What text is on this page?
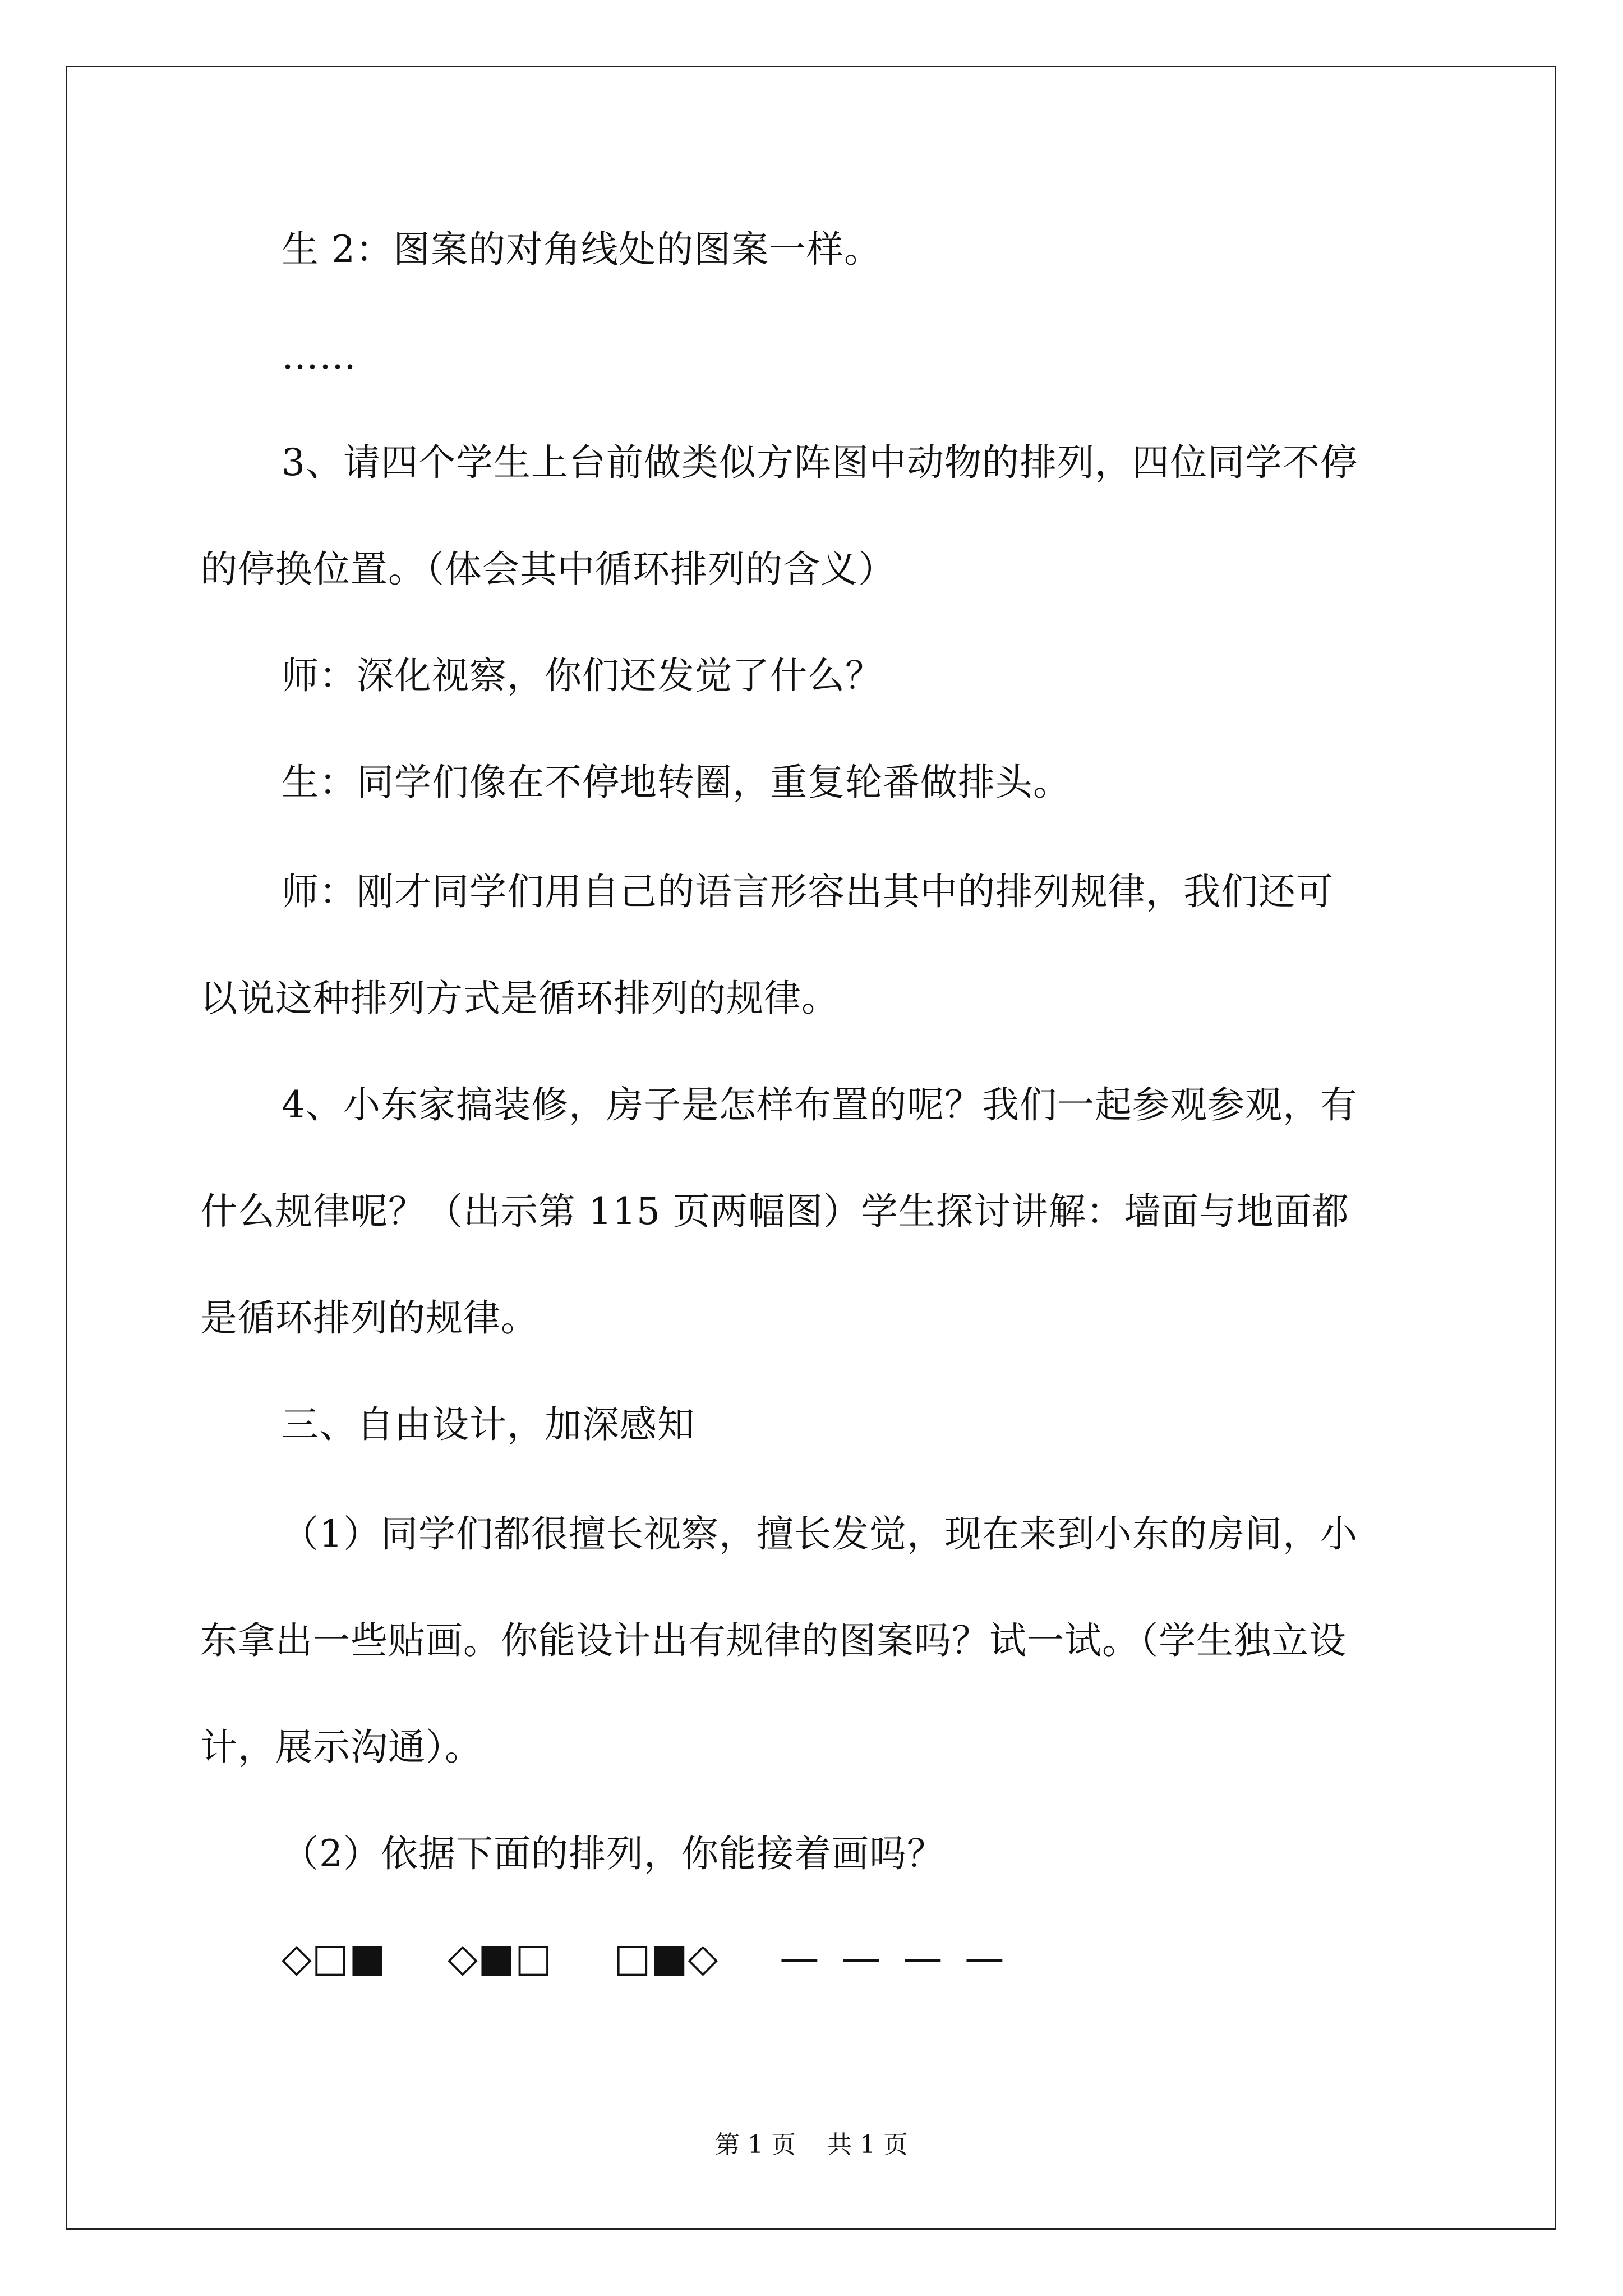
生 2：图案的对角线处的图案一样。
……
3、请四个学生上台前做类似方阵图中动物的排列，四位同学不停
的停换位置。（体会其中循环排列的含义）
师：深化视察，你们还发觉了什么？
生：同学们像在不停地转圈，重复轮番做排头。
师：刚才同学们用自己的语言形容出其中的排列规律，我们还可
以说这种排列方式是循环排列的规律。
4、小东家搞装修，房子是怎样布置的呢？我们一起参观参观，有
什么规律呢？（出示第 115 页两幅图）学生探讨讲解：墙面与地面都
是循环排列的规律。
三、自由设计，加深感知
（1）同学们都很擅长视察，擅长发觉，现在来到小东的房间，小
东拿出一些贴画。你能设计出有规律的图案吗？试一试。（学生独立设
计，展示沟通）。
（2）依据下面的排列，你能接着画吗？
◇□■ ◇■□ □■◇ — — — —
第 1 页    共 1 页
